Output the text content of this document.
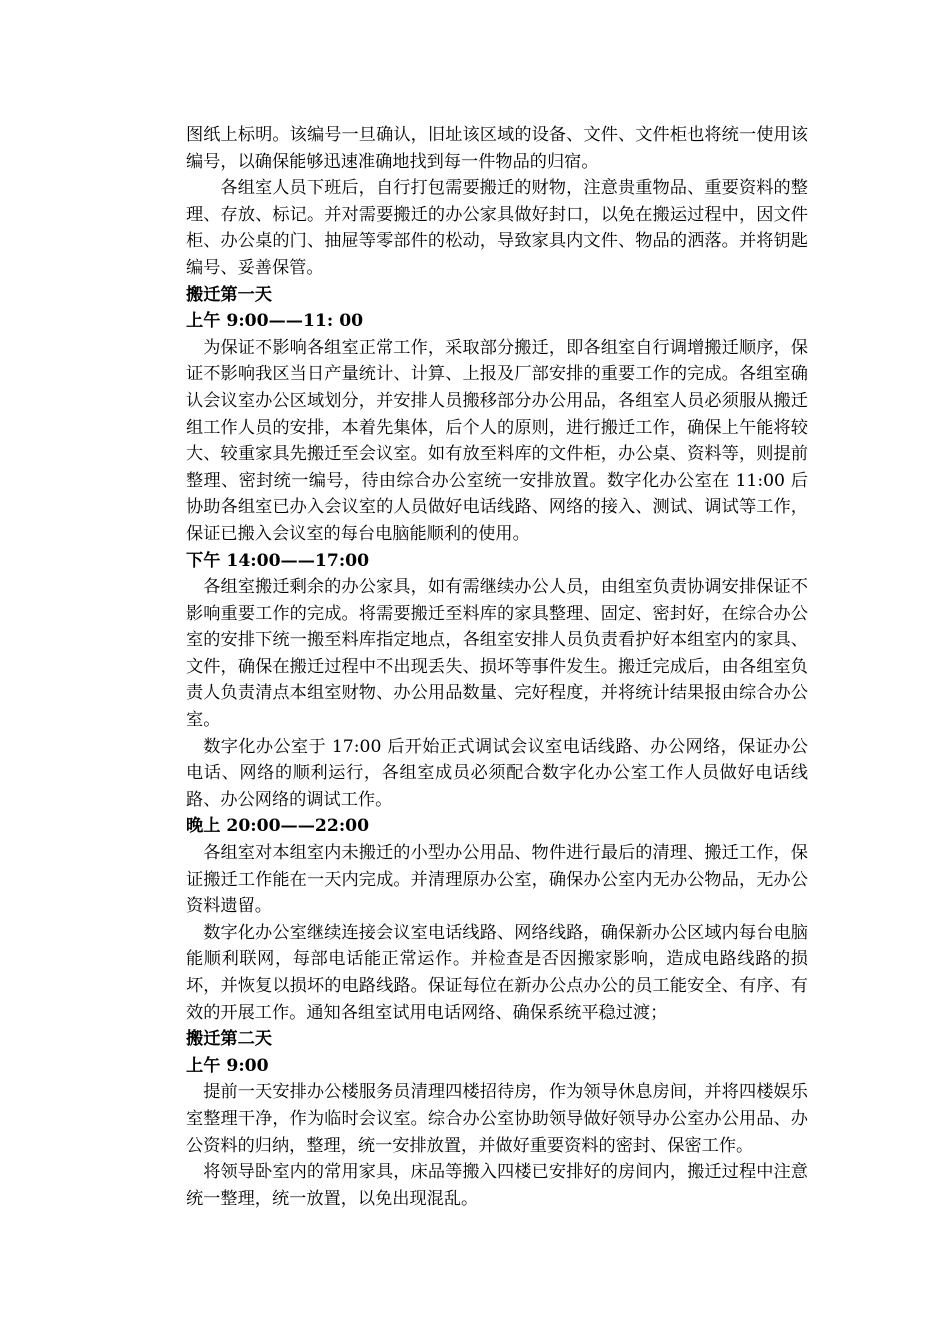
图纸上标明。该编号一旦确认，旧址该区域的设备、文件、文件柜也将统一使用该编号，以确保能够迅速准确地找到每一件物品的归宿。

各组室人员下班后，自行打包需要搬迁的财物，注意贵重物品、重要资料的整理、存放、标记。并对需要搬迁的办公家具做好封口，以免在搬运过程中，因文件柜、办公桌的门、抽屉等零部件的松动，导致家具内文件、物品的洒落。并将钥匙编号、妥善保管。

搬迁第一天
上午 9:00——11: 00

为保证不影响各组室正常工作，采取部分搬迁，即各组室自行调增搬迁顺序，保证不影响我区当日产量统计、计算、上报及厂部安排的重要工作的完成。各组室确认会议室办公区域划分，并安排人员搬移部分办公用品，各组室人员必须服从搬迁组工作人员的安排，本着先集体，后个人的原则，进行搬迁工作，确保上午能将较大、较重家具先搬迁至会议室。如有放至料库的文件柜，办公桌、资料等，则提前整理、密封统一编号，待由综合办公室统一安排放置。数字化办公室在 11:00 后协助各组室已办入会议室的人员做好电话线路、网络的接入、测试、调试等工作，保证已搬入会议室的每台电脑能顺利的使用。

下午 14:00——17:00

各组室搬迁剩余的办公家具，如有需继续办公人员，由组室负责协调安排保证不影响重要工作的完成。将需要搬迁至料库的家具整理、固定、密封好，在综合办公室的安排下统一搬至料库指定地点，各组室安排人员负责看护好本组室内的家具、文件，确保在搬迁过程中不出现丢失、损坏等事件发生。搬迁完成后，由各组室负责人负责清点本组室财物、办公用品数量、完好程度，并将统计结果报由综合办公室。

数字化办公室于 17:00 后开始正式调试会议室电话线路、办公网络，保证办公电话、网络的顺利运行，各组室成员必须配合数字化办公室工作人员做好电话线路、办公网络的调试工作。

晚上 20:00——22:00

各组室对本组室内未搬迁的小型办公用品、物件进行最后的清理、搬迁工作，保证搬迁工作能在一天内完成。并清理原办公室，确保办公室内无办公物品，无办公资料遗留。

数字化办公室继续连接会议室电话线路、网络线路，确保新办公区域内每台电脑能顺利联网，每部电话能正常运作。并检查是否因搬家影响，造成电路线路的损坏，并恢复以损坏的电路线路。保证每位在新办公点办公的员工能安全、有序、有效的开展工作。通知各组室试用电话网络、确保系统平稳过渡；

搬迁第二天
上午 9:00

提前一天安排办公楼服务员清理四楼招待房，作为领导休息房间，并将四楼娱乐室整理干净，作为临时会议室。综合办公室协助领导做好领导办公室办公用品、办公资料的归纳，整理，统一安排放置，并做好重要资料的密封、保密工作。

将领导卧室内的常用家具，床品等搬入四楼已安排好的房间内，搬迁过程中注意统一整理，统一放置，以免出现混乱。
